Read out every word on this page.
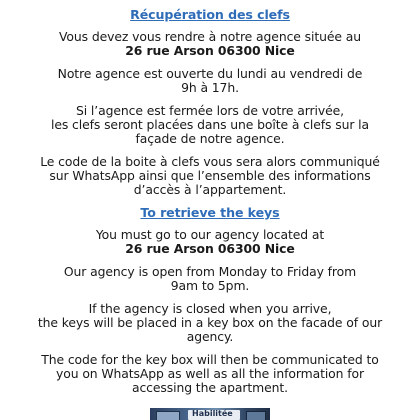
Récupération des clefs

Vous devez vous rendre à notre agence située au
26 rue Arson 06300 Nice

Notre agence est ouverte du lundi au vendredi de
9h à 17h.

Si l’agence est fermée lors de votre arrivée,
les clefs seront placées dans une boîte à clefs sur la
façade de notre agence.

Le code de la boite à clefs vous sera alors communiqué
sur WhatsApp ainsi que l’ensemble des informations
d’accès à l’appartement.

To retrieve the keys

You must go to our agency located at
26 rue Arson 06300 Nice

Our agency is open from Monday to Friday from
9am to 5pm.

If the agency is closed when you arrive,
the keys will be placed in a key box on the facade of our
agency.

The code for the key box will then be communicated to
you on WhatsApp as well as all the information for
accessing the apartment.

Habilitée
